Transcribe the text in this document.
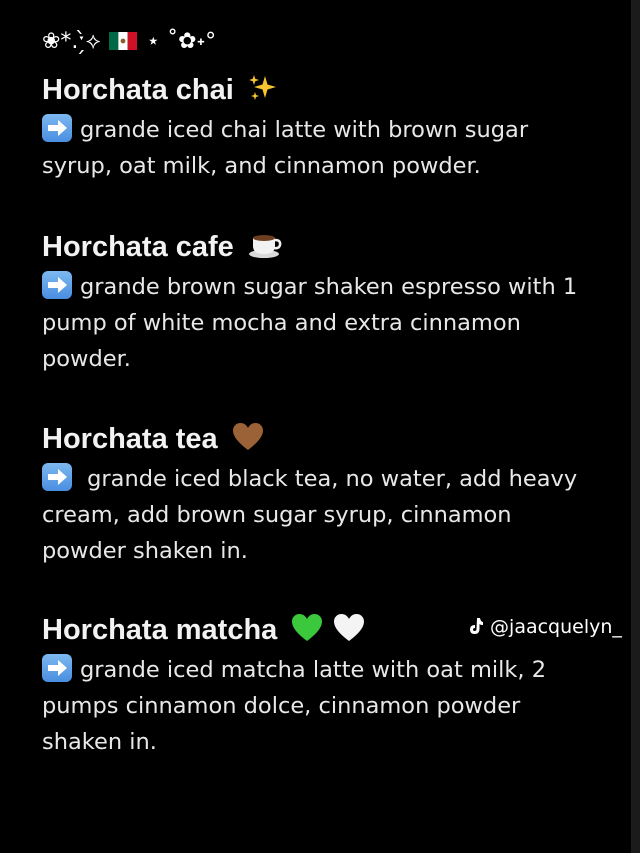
❀*.ˑ̗̀⟡ ⋆ ˚✿˖°
Horchata chai
grande iced chai latte with brown sugar syrup, oat milk, and cinnamon powder.
Horchata cafe
grande brown sugar shaken espresso with 1 pump of white mocha and extra cinnamon powder.
Horchata tea
grande iced black tea, no water, add heavy cream, add brown sugar syrup, cinnamon powder shaken in.
Horchata matcha
grande iced matcha latte with oat milk, 2 pumps cinnamon dolce, cinnamon powder shaken in.
@jaacquelyn_
